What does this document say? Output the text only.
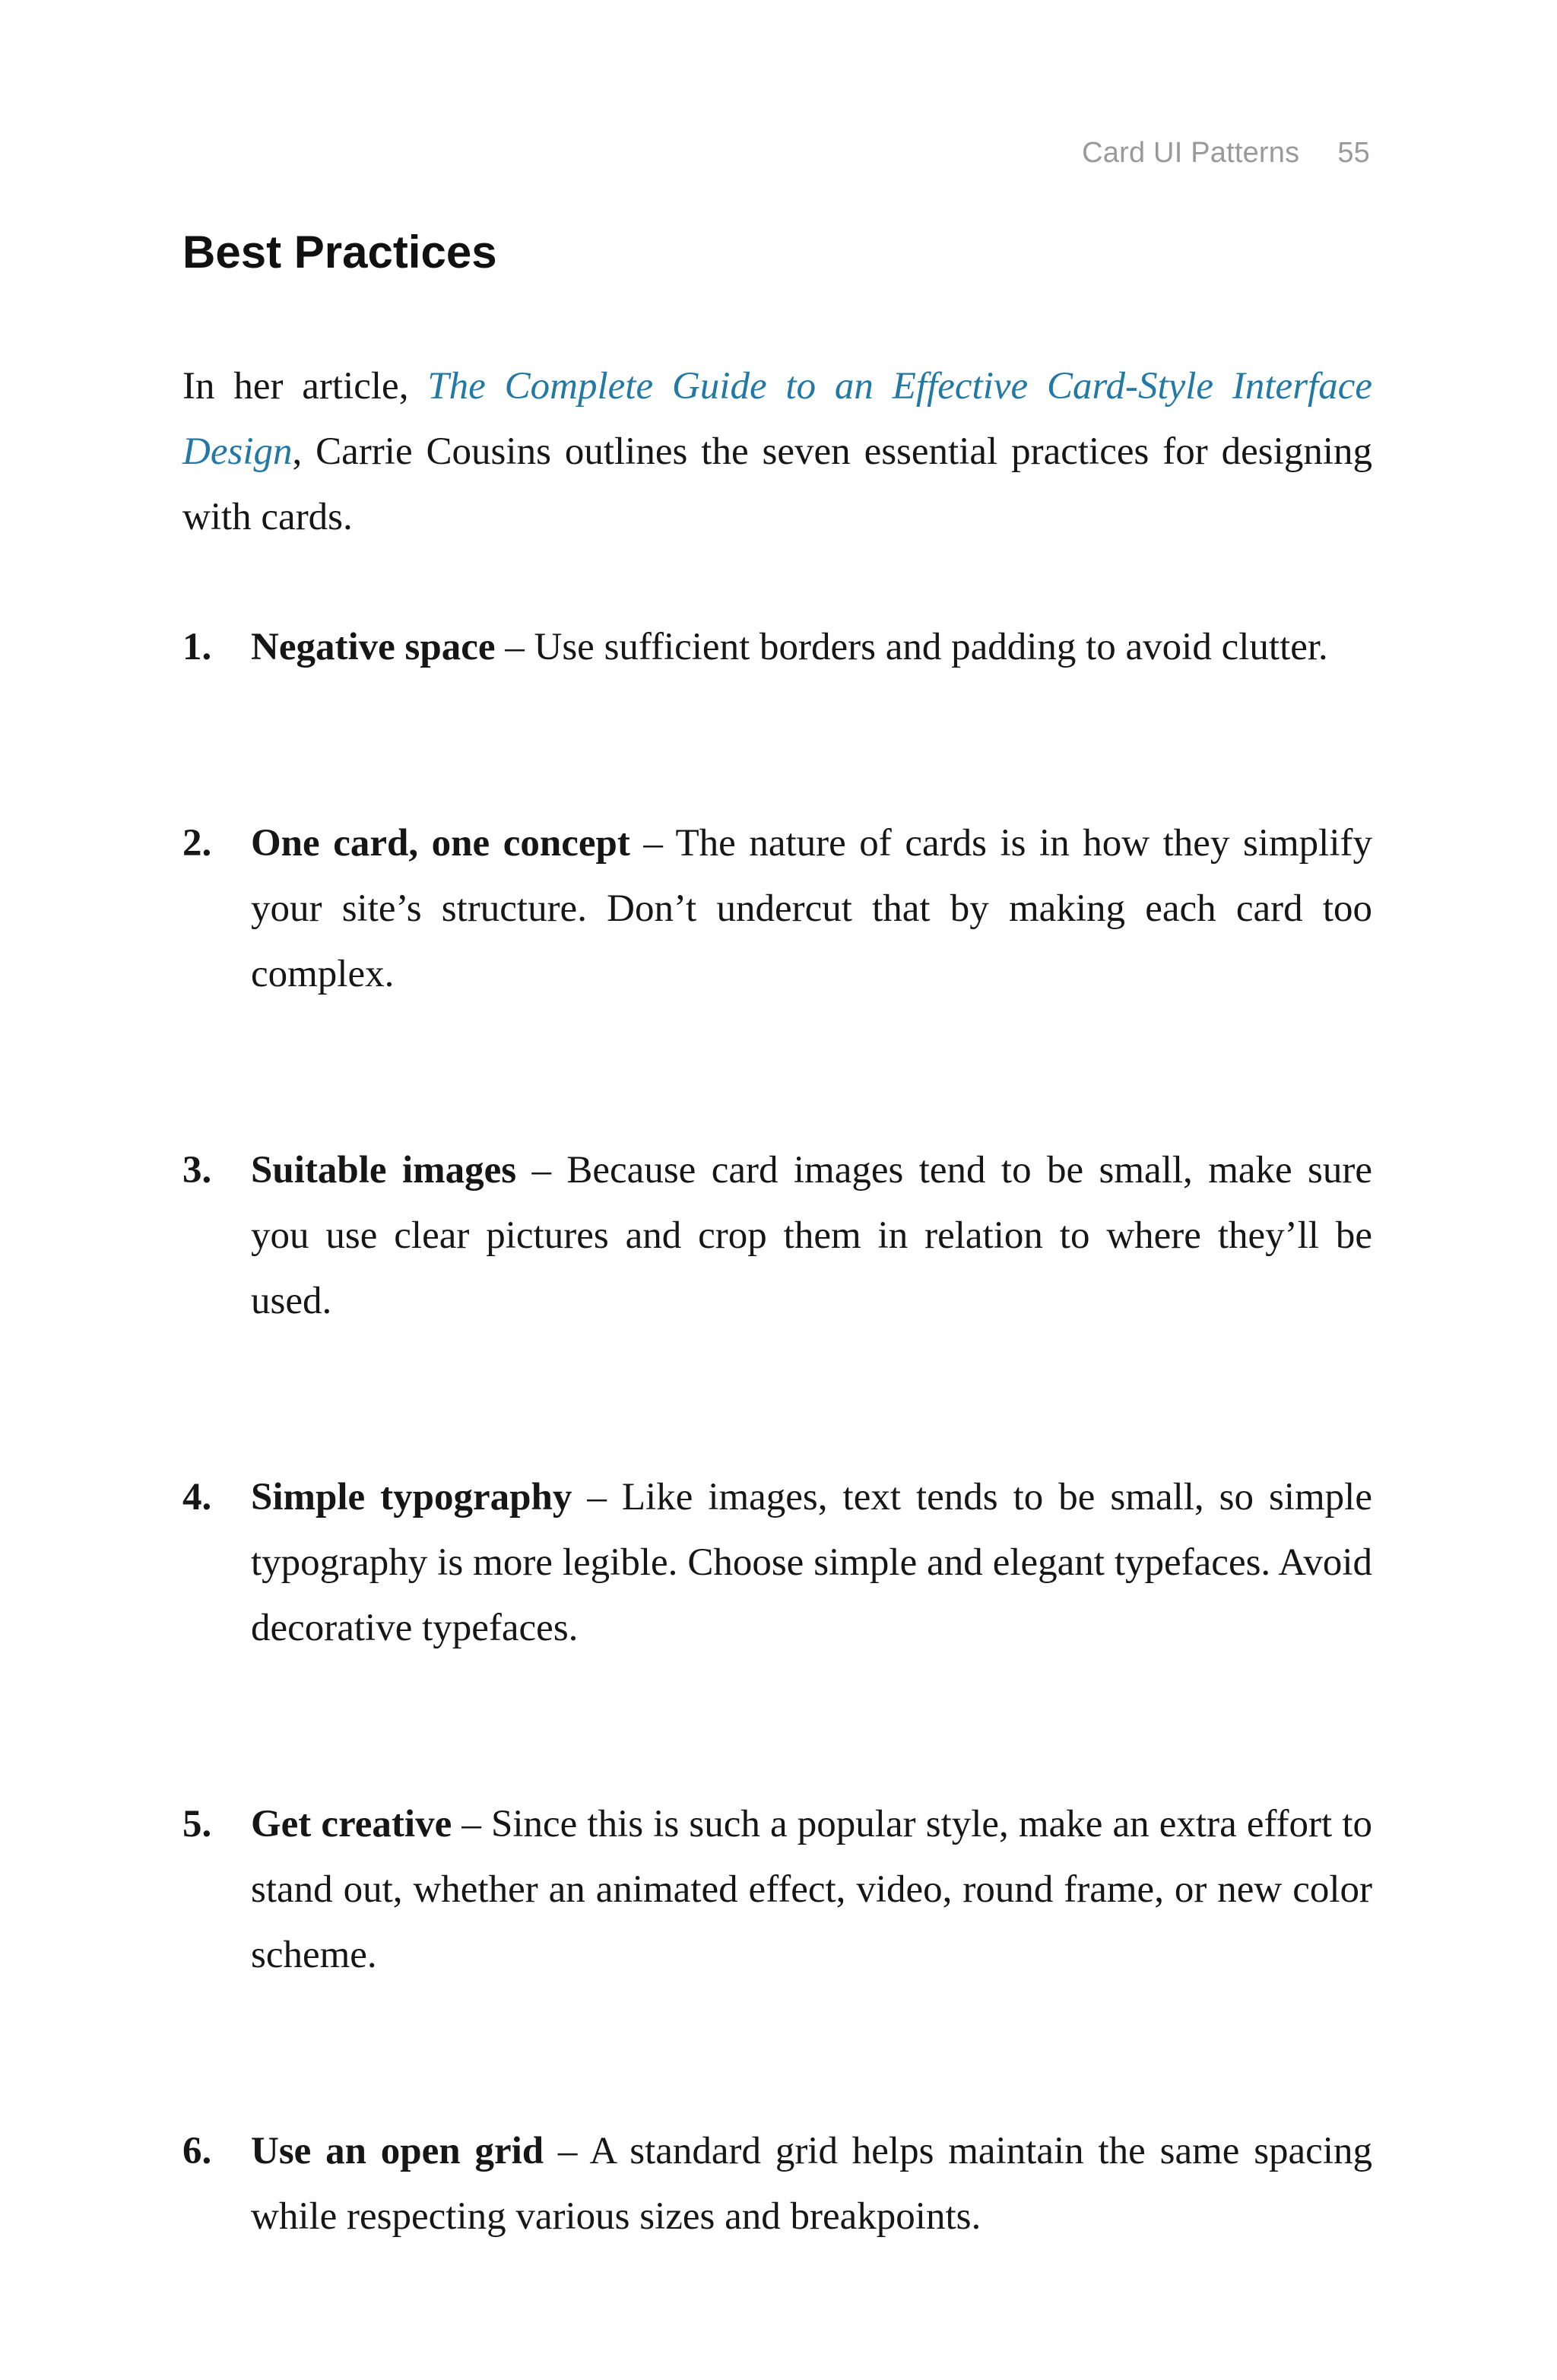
Card UI Patterns 55
Best Practices

In her article, The Complete Guide to an Effective Card-Style Interface Design, Carrie Cousins outlines the seven essential practices for designing with cards.

1. Negative space – Use sufficient borders and padding to avoid clutter.
2. One card, one concept – The nature of cards is in how they simplify your site’s structure. Don’t undercut that by making each card too complex.
3. Suitable images – Because card images tend to be small, make sure you use clear pictures and crop them in relation to where they’ll be used.
4. Simple typography – Like images, text tends to be small, so simple typography is more legible. Choose simple and elegant typefaces. Avoid decorative typefaces.
5. Get creative – Since this is such a popular style, make an extra effort to stand out, whether an animated effect, video, round frame, or new color scheme.
6. Use an open grid – A standard grid helps maintain the same spacing while respecting various sizes and breakpoints.
